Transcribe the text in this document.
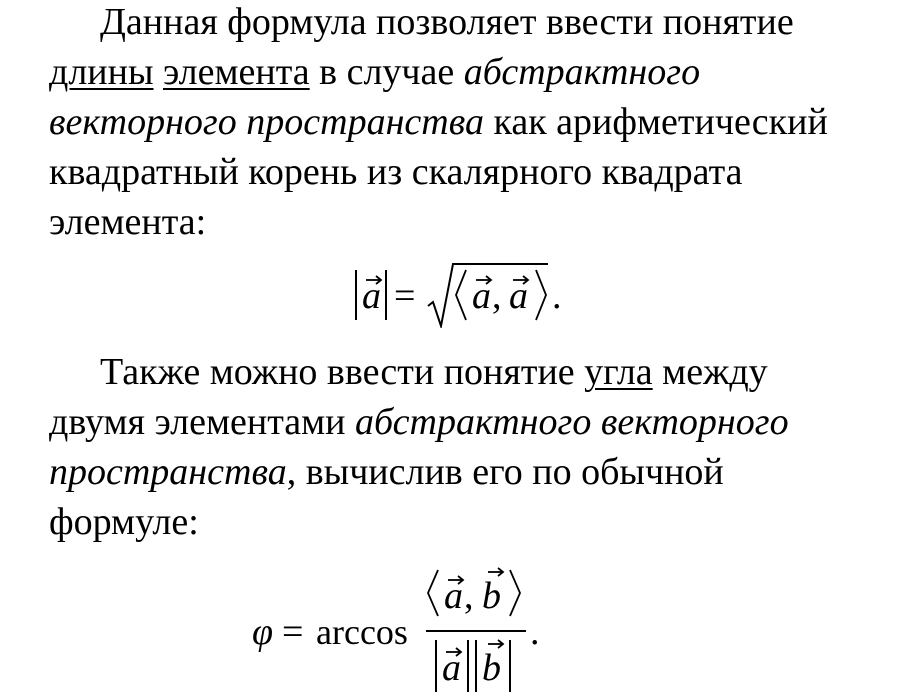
Данная формула позволяет ввести понятие
длины элемента в случае абстрактного
векторного пространства как арифметический
квадратный корень из скалярного квадрата
элемента:
a = a , a .
Также можно ввести понятие угла между
двумя элементами абстрактного векторного
пространства, вычислив его по обычной
формуле:
φ = arccos
a , b
a b
.
